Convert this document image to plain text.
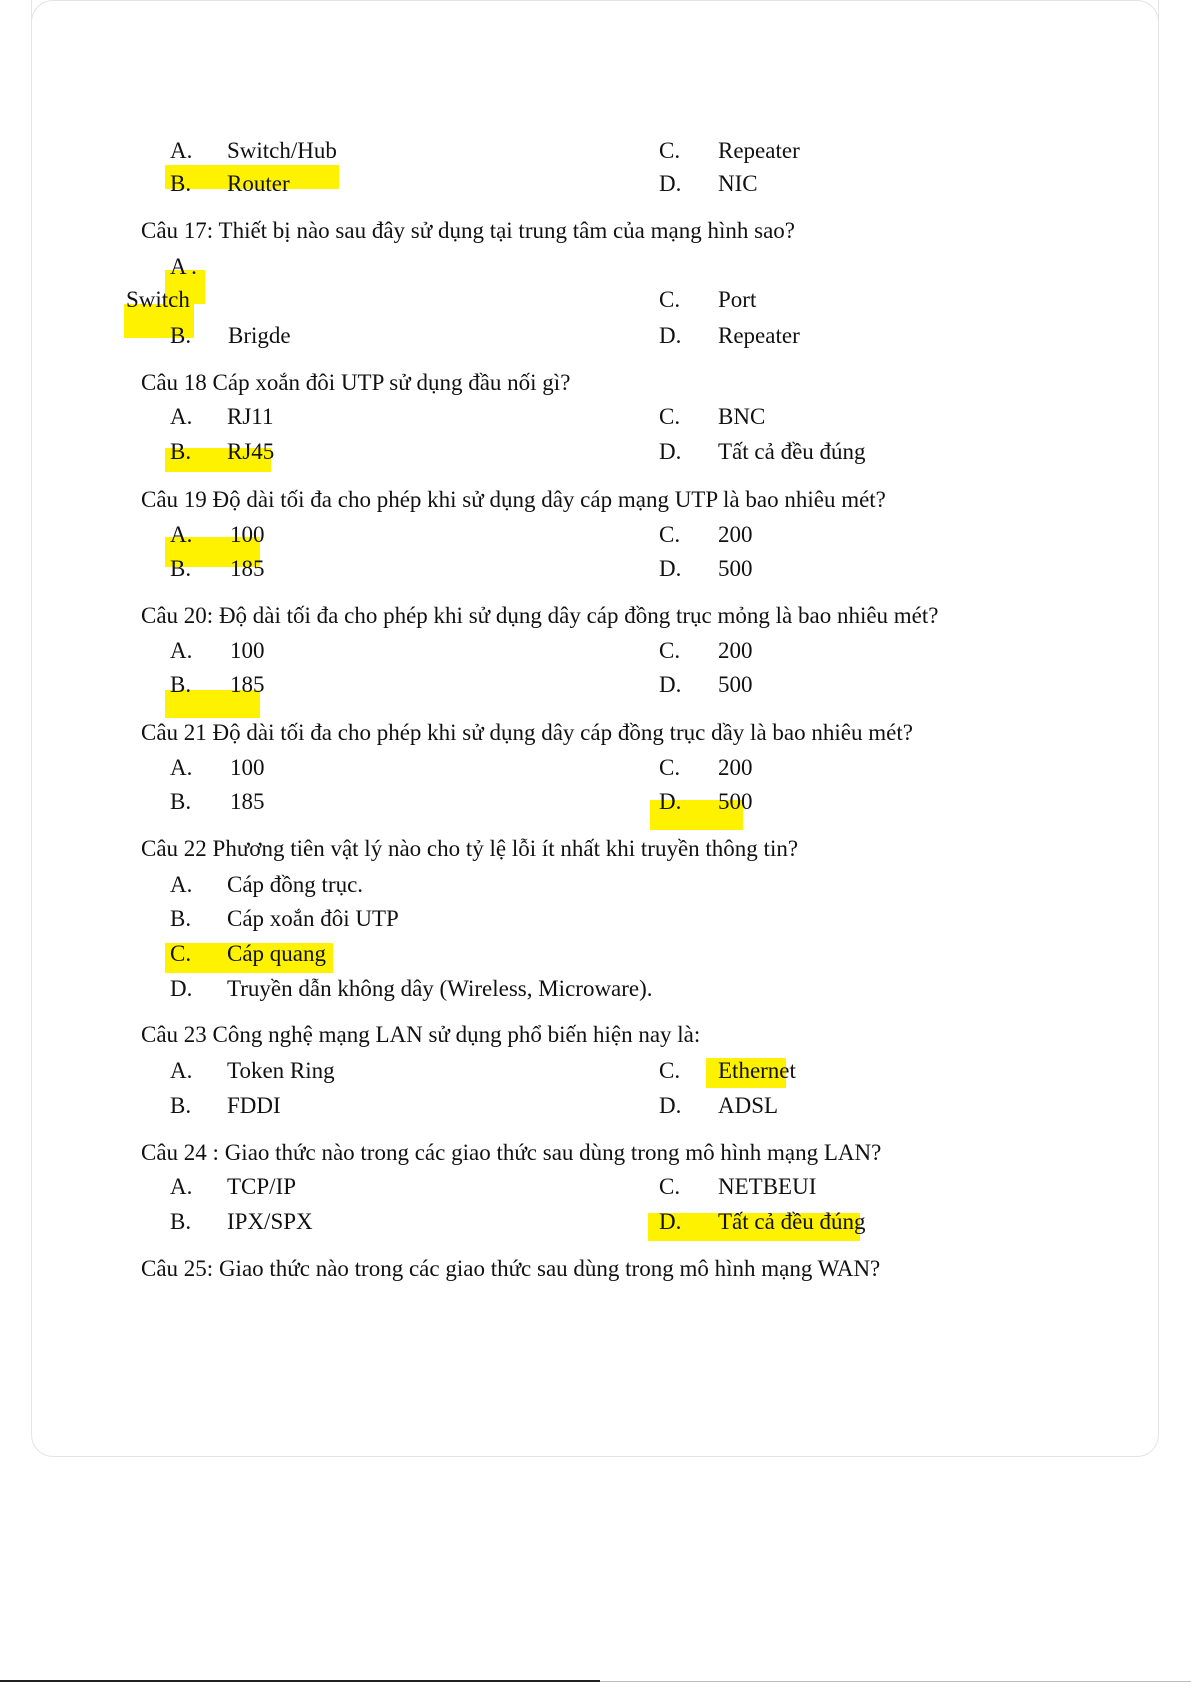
A. Switch/Hub	C. Repeater
B. Router	D. NIC
Câu 17: Thiết bị nào sau đây sử dụng tại trung tâm của mạng hình sao?
A .
Switch	C. Port
B. Brigde	D. Repeater
Câu 18 Cáp xoắn đôi UTP sử dụng đầu nối gì?
A. RJ11	C. BNC
B. RJ45	D. Tất cả đều đúng
Câu 19 Độ dài tối đa cho phép khi sử dụng dây cáp mạng UTP là bao nhiêu mét?
A. 100	C. 200
B. 185	D. 500
Câu 20: Độ dài tối đa cho phép khi sử dụng dây cáp đồng trục mỏng là bao nhiêu mét?
A. 100	C. 200
B. 185	D. 500
Câu 21 Độ dài tối đa cho phép khi sử dụng dây cáp đồng trục dầy là bao nhiêu mét?
A. 100	C. 200
B. 185	D. 500
Câu 22 Phương tiên vật lý nào cho tỷ lệ lỗi ít nhất khi truyền thông tin?
A. Cáp đồng trục.
B. Cáp xoắn đôi UTP
C. Cáp quang
D. Truyền dẫn không dây (Wireless, Microware).
Câu 23 Công nghệ mạng LAN sử dụng phổ biến hiện nay là:
A. Token Ring	C. Ethernet
B. FDDI	D. ADSL
Câu 24 : Giao thức nào trong các giao thức sau dùng trong mô hình mạng LAN?
A. TCP/IP	C. NETBEUI
B. IPX/SPX	D. Tất cả đều đúng
Câu 25: Giao thức nào trong các giao thức sau dùng trong mô hình mạng WAN?
